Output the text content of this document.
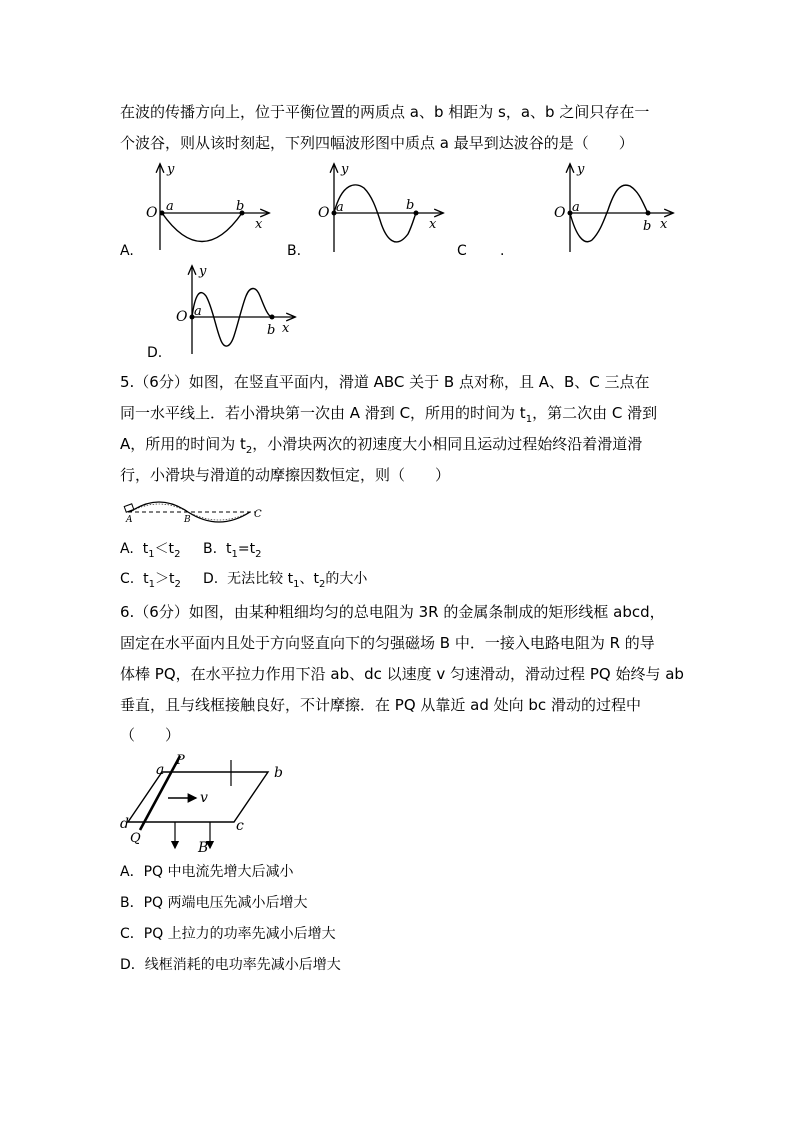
在波的传播方向上，位于平衡位置的两质点 a、b 相距为 s，a、b 之间只存在一
个波谷，则从该时刻起，下列四幅波形图中质点 a 最早到达波谷的是（　　）
y
O a	b
x
A.
y
O a	b
x
B.
y
O a
b x
C .
y
O a
b x
D.
5.（6分）如图，在竖直平面内，滑道 ABC 关于 B 点对称，且 A、B、C 三点在
同一水平线上．若小滑块第一次由 A 滑到 C，所用的时间为 $t_1$，第二次由 C 滑到
A，所用的时间为 $t_2$，小滑块两次的初速度大小相同且运动过程始终沿着滑道滑
行，小滑块与滑道的动摩擦因数恒定，则（　　）
A	B	C
A. $t_1<t_2$ B. $t_1=t_2$
C. $t_1>t_2$ D. 无法比较 $t_1$、$t_2$的大小
6.（6分）如图，由某种粗细均匀的总电阻为 3R 的金属条制成的矩形线框 abcd，
固定在水平面内且处于方向竖直向下的匀强磁场 B 中．一接入电路电阻为 R 的导
体棒 PQ，在水平拉力作用下沿 ab、dc 以速度 v 匀速滑动，滑动过程 PQ 始终与 ab
垂直，且与线框接触良好，不计摩擦．在 PQ 从靠近 ad 处向 bc 滑动的过程中
（　　）
a
P
b
d
Q
c
v
B
A．PQ 中电流先增大后减小
B．PQ 两端电压先减小后增大
C．PQ 上拉力的功率先减小后增大
D．线框消耗的电功率先减小后增大
